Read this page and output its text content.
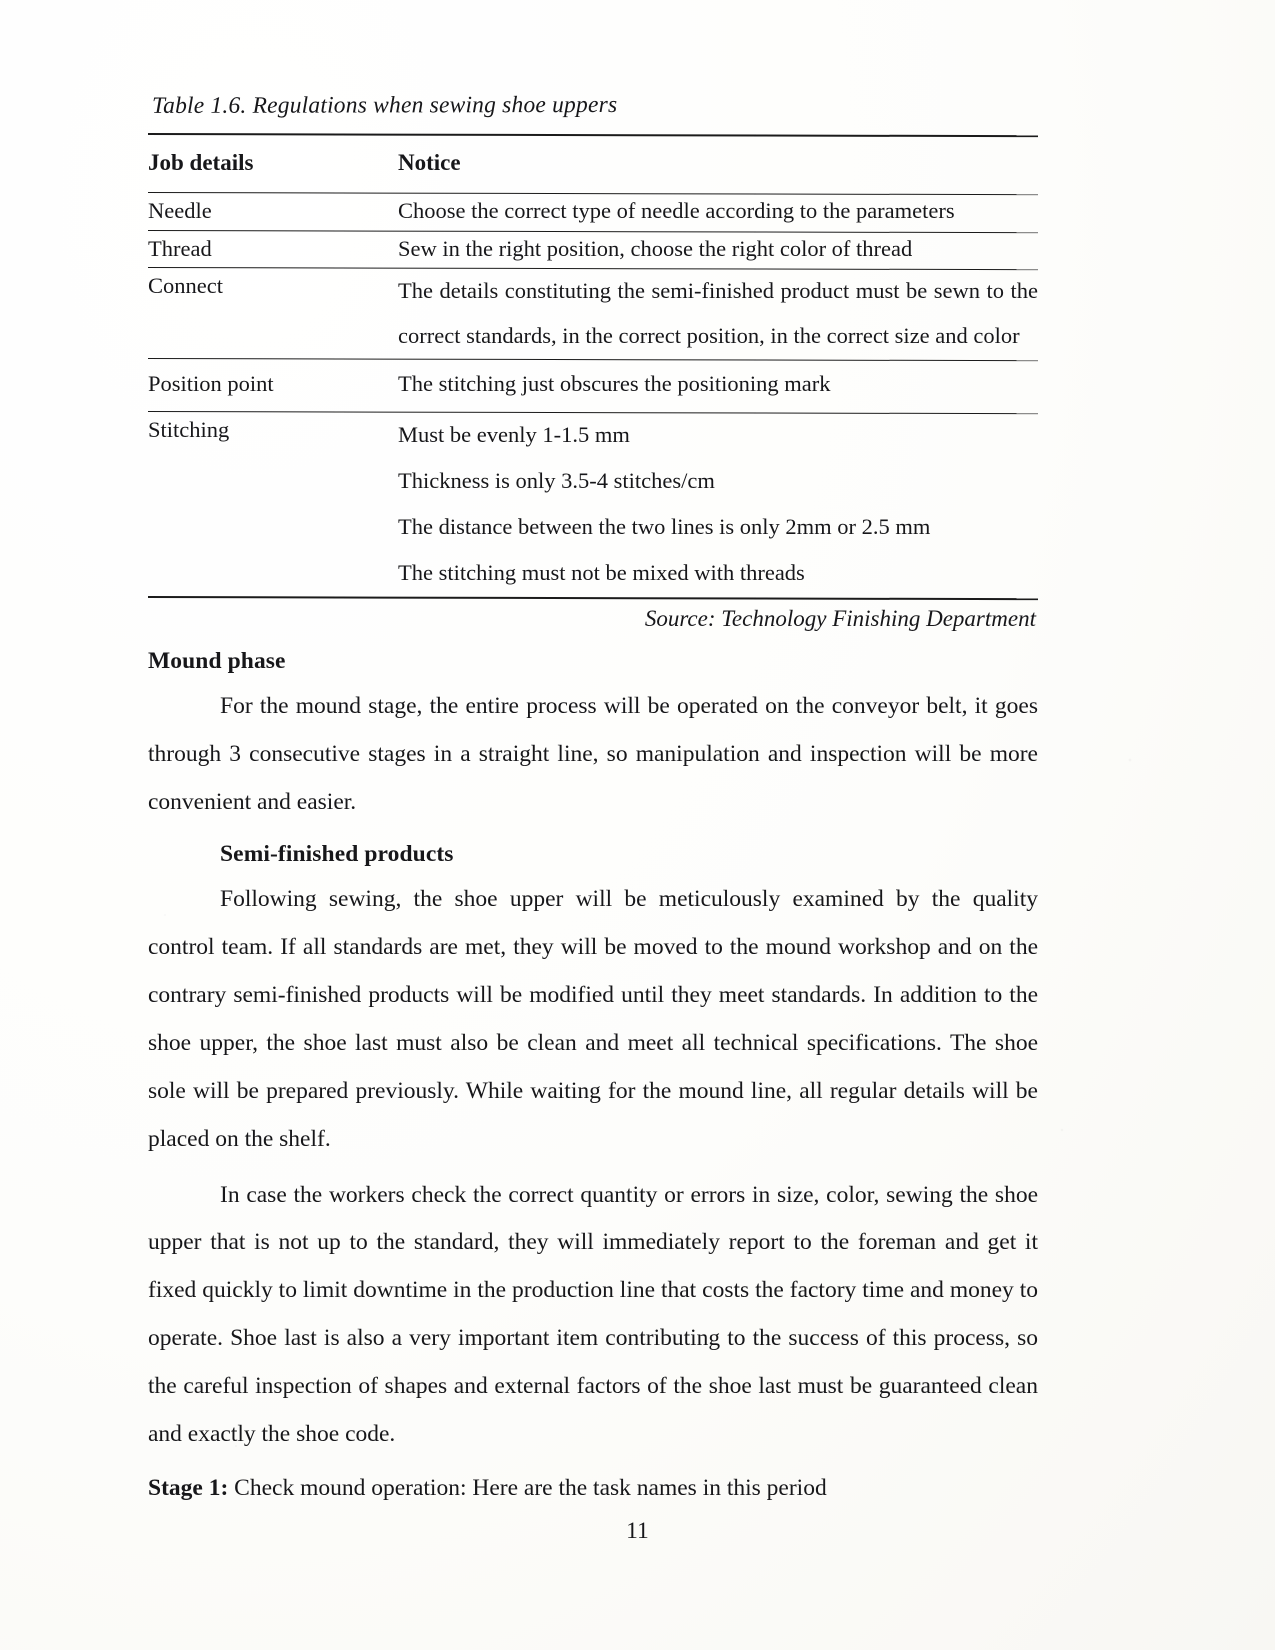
Table 1.6. Regulations when sewing shoe uppers
Job details	Notice
Needle	Choose the correct type of needle according to the parameters
Thread	Sew in the right position, choose the right color of thread
Connect	The details constituting the semi-finished product must be sewn to the correct standards, in the correct position, in the correct size and color
Position point	The stitching just obscures the positioning mark
Stitching	Must be evenly 1-1.5 mm
Thickness is only 3.5-4 stitches/cm
The distance between the two lines is only 2mm or 2.5 mm
The stitching must not be mixed with threads
Source: Technology Finishing Department
Mound phase

For the mound stage, the entire process will be operated on the conveyor belt, it goes through 3 consecutive stages in a straight line, so manipulation and inspection will be more convenient and easier.

Semi-finished products

Following sewing, the shoe upper will be meticulously examined by the quality control team. If all standards are met, they will be moved to the mound workshop and on the contrary semi-finished products will be modified until they meet standards. In addition to the shoe upper, the shoe last must also be clean and meet all technical specifications. The shoe sole will be prepared previously. While waiting for the mound line, all regular details will be placed on the shelf.

In case the workers check the correct quantity or errors in size, color, sewing the shoe upper that is not up to the standard, they will immediately report to the foreman and get it fixed quickly to limit downtime in the production line that costs the factory time and money to operate. Shoe last is also a very important item contributing to the success of this process, so the careful inspection of shapes and external factors of the shoe last must be guaranteed clean and exactly the shoe code.

Stage 1: Check mound operation: Here are the task names in this period

11
